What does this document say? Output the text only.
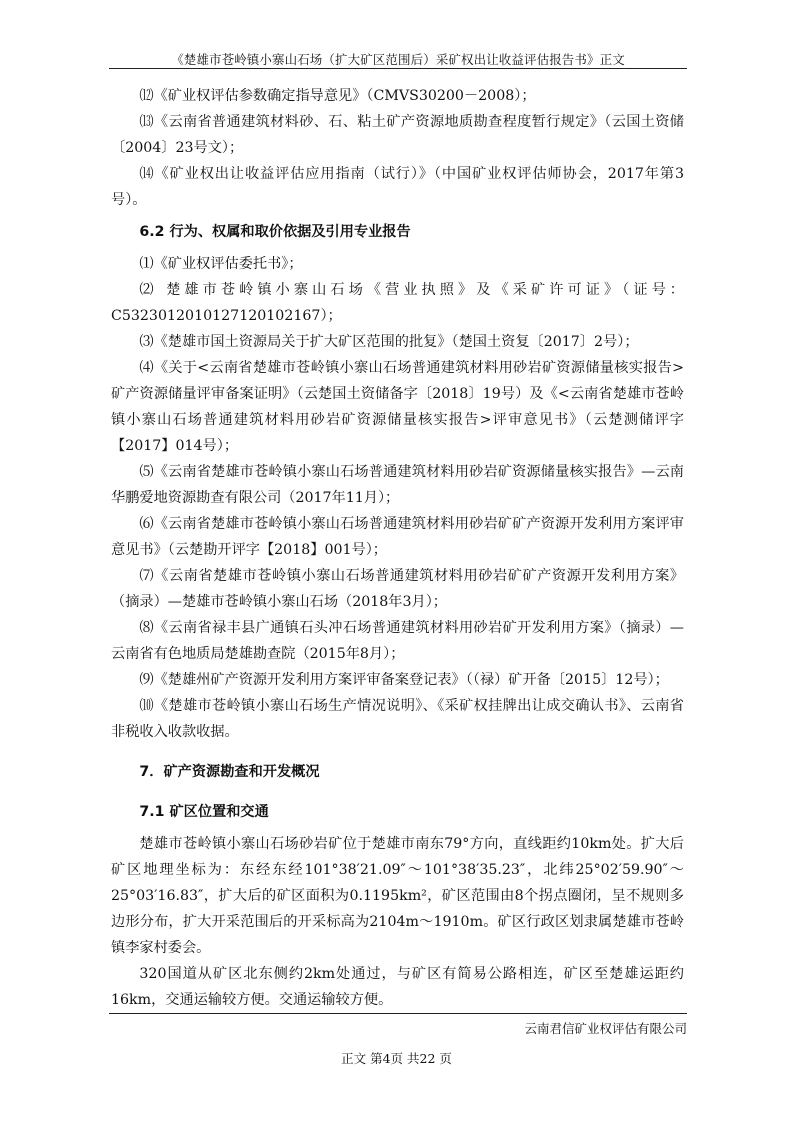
《楚雄市苍岭镇小寨山石场（扩大矿区范围后）采矿权出让收益评估报告书》正文

⑿《矿业权评估参数确定指导意见》（CMVS30200－2008）；

⒀《云南省普通建筑材料砂、石、粘土矿产资源地质勘查程度暂行规定》（云国土资储〔2004〕23号文）；

⒁《矿业权出让收益评估应用指南（试行）》（中国矿业权评估师协会，2017年第3号）。

6.2 行为、权属和取价依据及引用专业报告

⑴《矿业权评估委托书》；

⑵ 楚雄市苍岭镇小寨山石场《营业执照》及《采矿许可证》（证号：C5323012010127120102167）；

⑶《楚雄市国土资源局关于扩大矿区范围的批复》（楚国土资复〔2017〕2号）；

⑷《关于<云南省楚雄市苍岭镇小寨山石场普通建筑材料用砂岩矿资源储量核实报告>矿产资源储量评审备案证明》（云楚国土资储备字〔2018〕19号）及《<云南省楚雄市苍岭镇小寨山石场普通建筑材料用砂岩矿资源储量核实报告>评审意见书》（云楚测储评字【2017】014号）；

⑸《云南省楚雄市苍岭镇小寨山石场普通建筑材料用砂岩矿资源储量核实报告》—云南华鹏爱地资源勘查有限公司（2017年11月）；

⑹《云南省楚雄市苍岭镇小寨山石场普通建筑材料用砂岩矿矿产资源开发利用方案评审意见书》（云楚勘开评字【2018】001号）；

⑺《云南省楚雄市苍岭镇小寨山石场普通建筑材料用砂岩矿矿产资源开发利用方案》（摘录）—楚雄市苍岭镇小寨山石场（2018年3月）；

⑻《云南省禄丰县广通镇石头冲石场普通建筑材料用砂岩矿开发利用方案》（摘录）—云南省有色地质局楚雄勘查院（2015年8月）；

⑼《楚雄州矿产资源开发利用方案评审备案登记表》（（禄）矿开备〔2015〕12号）；

⑽《楚雄市苍岭镇小寨山石场生产情况说明》、《采矿权挂牌出让成交确认书》、云南省非税收入收款收据。

7．矿产资源勘查和开发概况

7.1 矿区位置和交通

楚雄市苍岭镇小寨山石场砂岩矿位于楚雄市南东79°方向，直线距约10km处。扩大后矿区地理坐标为：东经东经101°38′21.09″～101°38′35.23″，北纬25°02′59.90″～25°03′16.83″，扩大后的矿区面积为0.1195km²，矿区范围由8个拐点圈闭，呈不规则多边形分布，扩大开采范围后的开采标高为2104m～1910m。矿区行政区划隶属楚雄市苍岭镇李家村委会。

320国道从矿区北东侧约2km处通过，与矿区有简易公路相连，矿区至楚雄运距约16km，交通运输较方便。交通运输较方便。

云南君信矿业权评估有限公司
正文 第4页 共22 页
